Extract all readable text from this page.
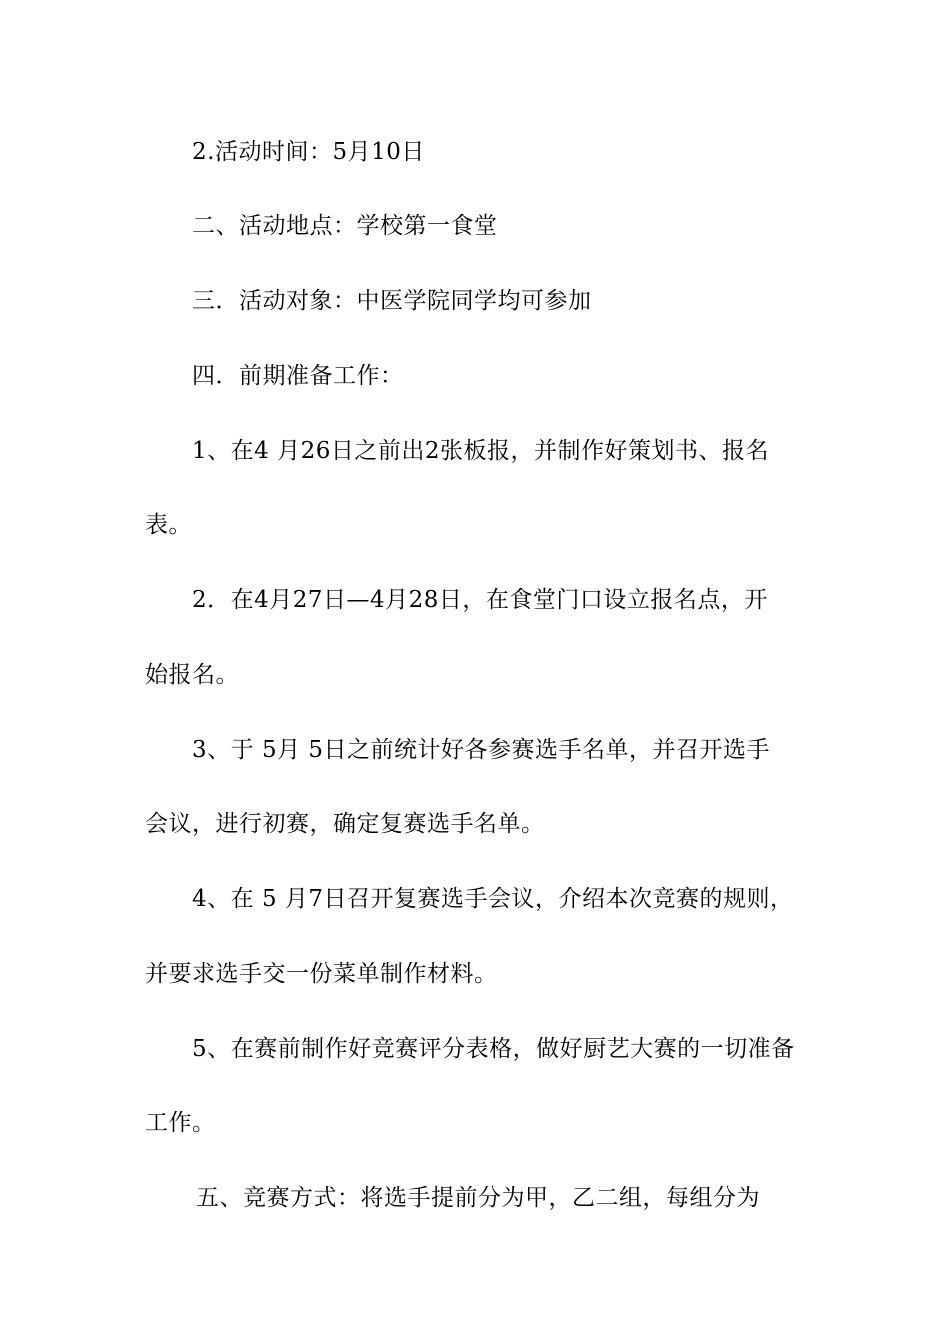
2.活动时间：5月10日
二、活动地点：学校第一食堂
三．活动对象：中医学院同学均可参加
四．前期准备工作：
1、在4 月26日之前出2张板报，并制作好策划书、报名
表。
2．在4月27日—4月28日，在食堂门口设立报名点，开
始报名。
3、于 5月 5日之前统计好各参赛选手名单，并召开选手
会议，进行初赛，确定复赛选手名单。
4、在 5 月7日召开复赛选手会议，介绍本次竞赛的规则，
并要求选手交一份菜单制作材料。
5、在赛前制作好竞赛评分表格，做好厨艺大赛的一切准备
工作。
五、竞赛方式：将选手提前分为甲，乙二组，每组分为
